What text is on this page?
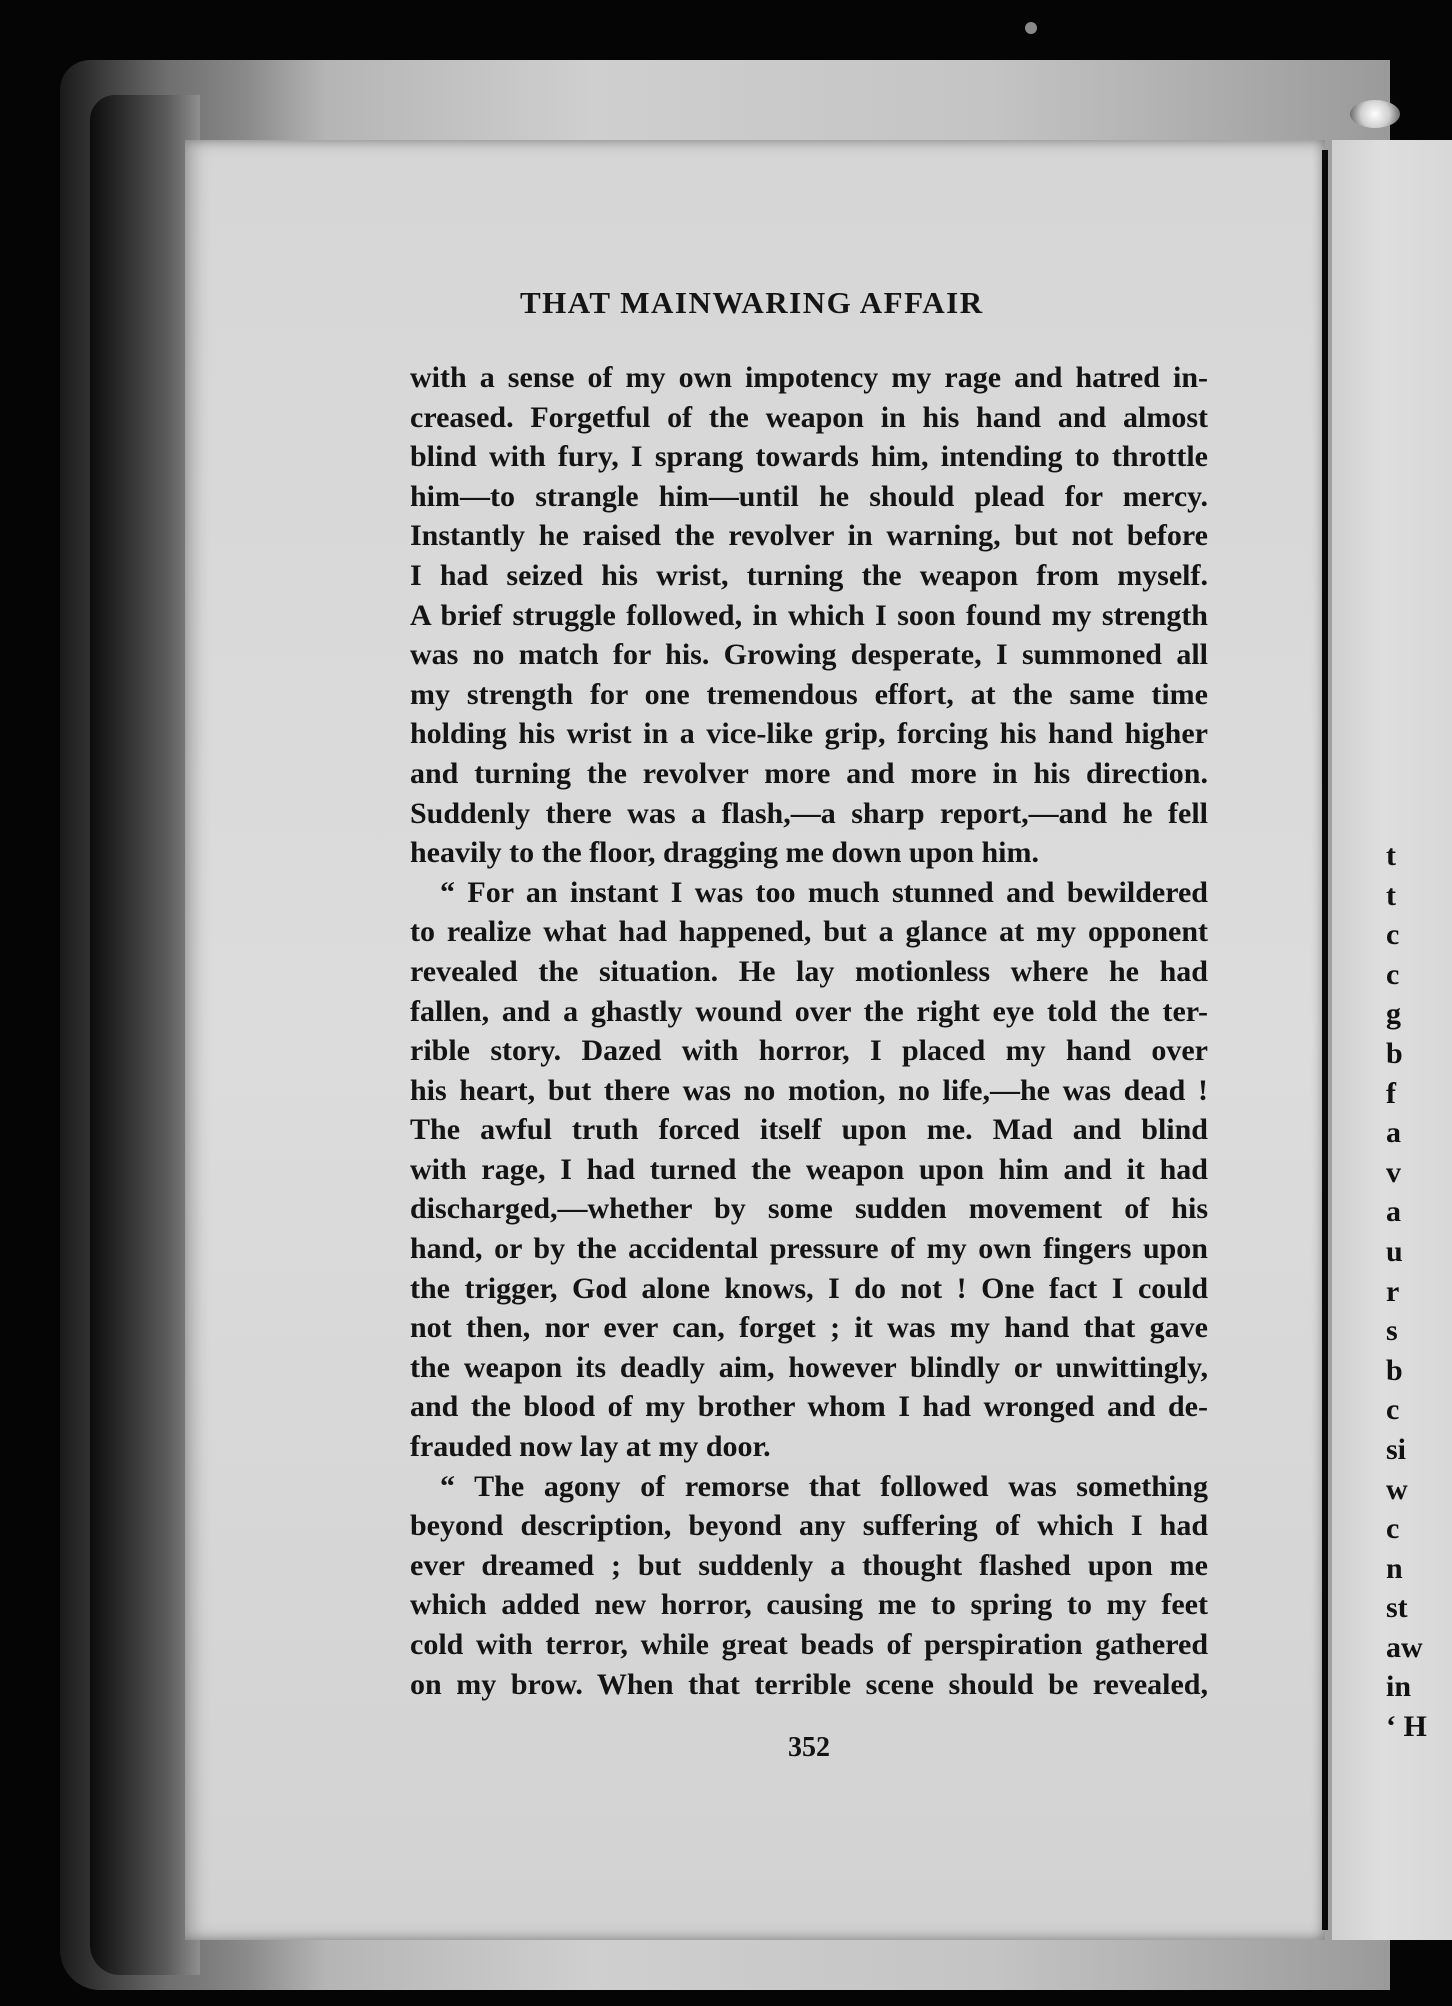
THAT MAINWARING AFFAIR
with a sense of my own impotency my rage and hatred in-
creased. Forgetful of the weapon in his hand and almost
blind with fury, I sprang towards him, intending to throttle
him—to strangle him—until he should plead for mercy.
Instantly he raised the revolver in warning, but not before
I had seized his wrist, turning the weapon from myself.
A brief struggle followed, in which I soon found my strength
was no match for his. Growing desperate, I summoned all
my strength for one tremendous effort, at the same time
holding his wrist in a vice-like grip, forcing his hand higher
and turning the revolver more and more in his direction.
Suddenly there was a flash,—a sharp report,—and he fell
heavily to the floor, dragging me down upon him.
“ For an instant I was too much stunned and bewildered
to realize what had happened, but a glance at my opponent
revealed the situation. He lay motionless where he had
fallen, and a ghastly wound over the right eye told the ter-
rible story. Dazed with horror, I placed my hand over
his heart, but there was no motion, no life,—he was dead !
The awful truth forced itself upon me. Mad and blind
with rage, I had turned the weapon upon him and it had
discharged,—whether by some sudden movement of his
hand, or by the accidental pressure of my own fingers upon
the trigger, God alone knows, I do not ! One fact I could
not then, nor ever can, forget ; it was my hand that gave
the weapon its deadly aim, however blindly or unwittingly,
and the blood of my brother whom I had wronged and de-
frauded now lay at my door.
“ The agony of remorse that followed was something
beyond description, beyond any suffering of which I had
ever dreamed ; but suddenly a thought flashed upon me
which added new horror, causing me to spring to my feet
cold with terror, while great beads of perspiration gathered
on my brow. When that terrible scene should be revealed,
352
t
t
c
c
g
b
f
a
v
a
u
r
s
b
c
si
w
c
n
st
aw
in
‘ H
